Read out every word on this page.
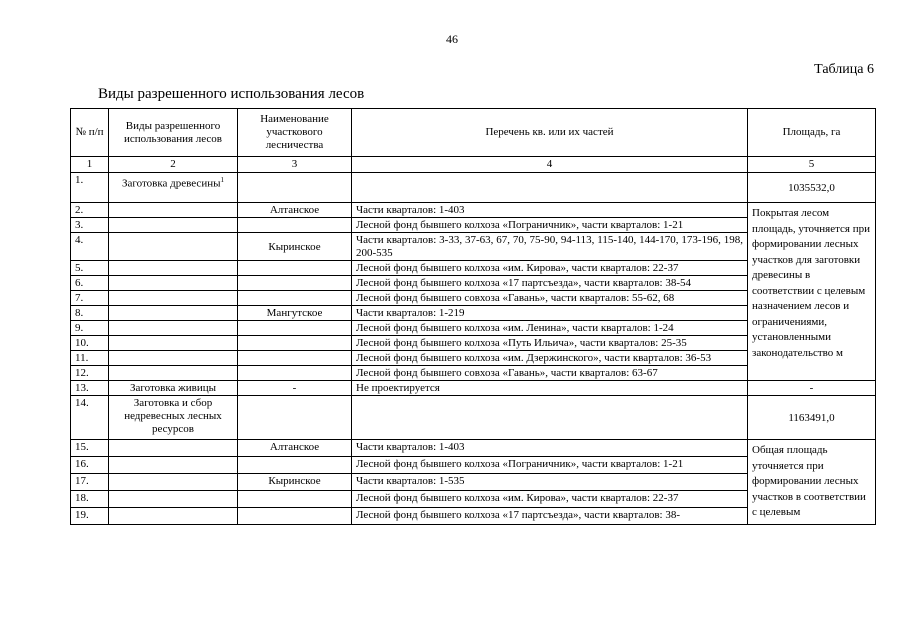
46
Таблица 6
Виды разрешенного использования лесов
№ п/п	Виды разрешенного использования лесов	Наименование участкового лесничества	Перечень кв. или их частей	Площадь, га
1	2	3	4	5
1.	Заготовка древесины$^1$			1035532,0
2.		Алтанское	Части кварталов: 1-403	Покрытая лесом площадь, уточняется при формировании лесных участков для заготовки древесины в соответствии с целевым назначением лесов и ограничениями, установленными законодательство м
3.			Лесной фонд бывшего колхоза «Пограничник», части кварталов: 1-21	
4.		Кыринское	Части кварталов: 3-33, 37-63, 67, 70, 75-90, 94-113, 115-140, 144-170, 173-196, 198, 200-535	
5.			Лесной фонд бывшего колхоза «им. Кирова», части кварталов: 22-37	
6.			Лесной фонд бывшего колхоза «17 партсъезда», части кварталов: 38-54	
7.			Лесной фонд бывшего совхоза «Гавань», части кварталов: 55-62, 68	
8.		Мангутское	Части кварталов: 1-219	
9.			Лесной фонд бывшего колхоза «им. Ленина», части кварталов: 1-24	
10.			Лесной фонд бывшего колхоза «Путь Ильича», части кварталов: 25-35	
11.			Лесной фонд бывшего колхоза «им. Дзержинского», части кварталов: 36-53	
12.			Лесной фонд бывшего совхоза «Гавань», части кварталов: 63-67	
13.	Заготовка живицы	-	Не проектируется	-
14.	Заготовка и сбор недревесных лесных ресурсов			1163491,0
15.		Алтанское	Части кварталов: 1-403	Общая площадь уточняется при формировании лесных участков в соответствии с целевым
16.			Лесной фонд бывшего колхоза «Пограничник», части кварталов: 1-21	
17.		Кыринское	Части кварталов: 1-535	
18.			Лесной фонд бывшего колхоза «им. Кирова», части кварталов: 22-37	
19.			Лесной фонд бывшего колхоза «17 партсъезда», части кварталов: 38-	
